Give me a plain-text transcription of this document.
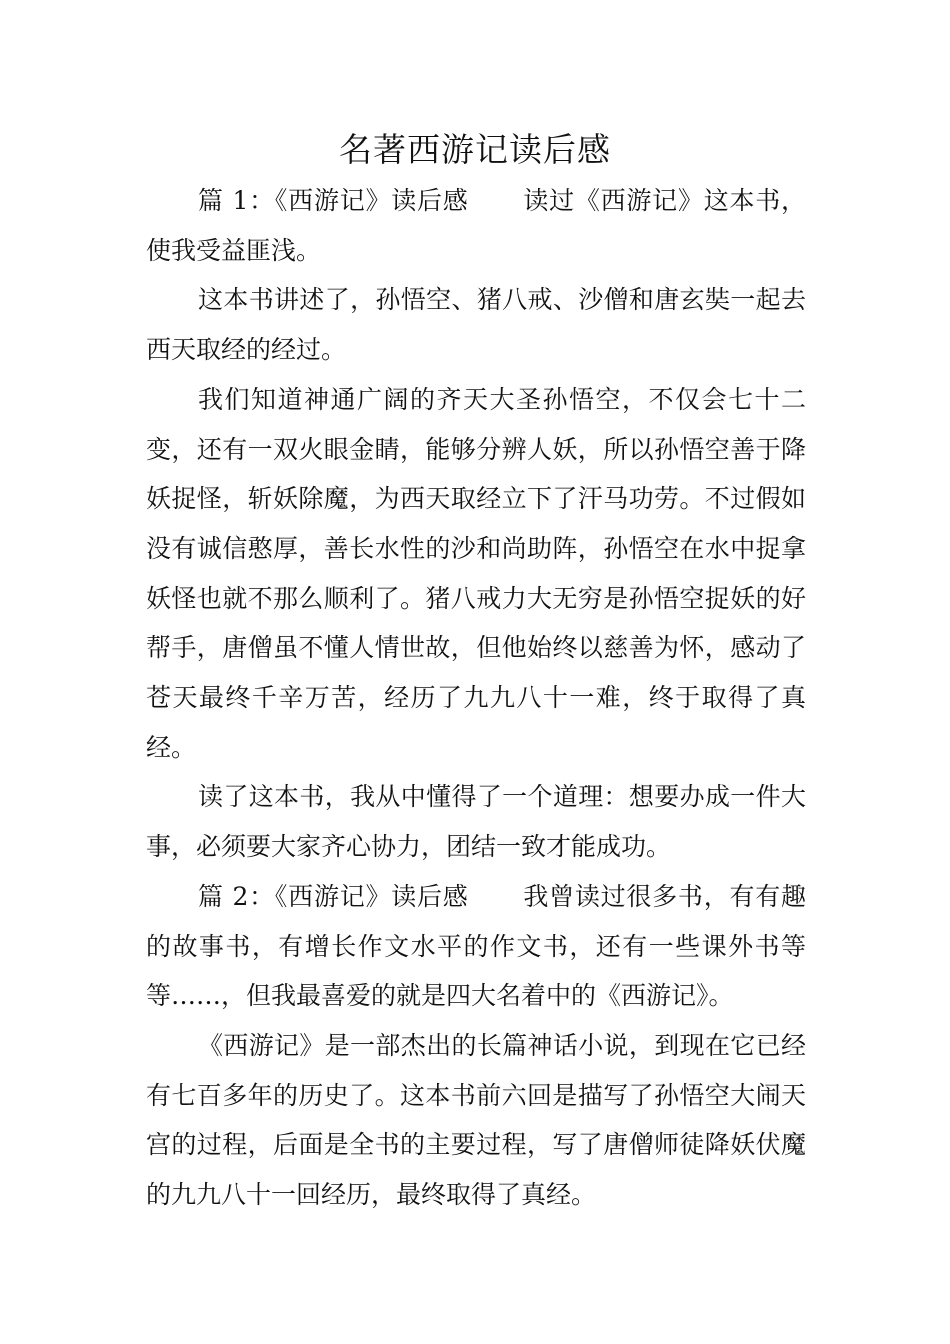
名著西游记读后感

篇 1：《西游记》读后感 读过《西游记》这本书，使我受益匪浅。

这本书讲述了，孙悟空、猪八戒、沙僧和唐玄奘一起去西天取经的经过。

我们知道神通广阔的齐天大圣孙悟空，不仅会七十二变，还有一双火眼金睛，能够分辨人妖，所以孙悟空善于降妖捉怪，斩妖除魔，为西天取经立下了汗马功劳。不过假如没有诚信憨厚，善长水性的沙和尚助阵，孙悟空在水中捉拿妖怪也就不那么顺利了。猪八戒力大无穷是孙悟空捉妖的好帮手，唐僧虽不懂人情世故，但他始终以慈善为怀，感动了苍天最终千辛万苦，经历了九九八十一难，终于取得了真经。

读了这本书，我从中懂得了一个道理：想要办成一件大事，必须要大家齐心协力，团结一致才能成功。

篇 2：《西游记》读后感 我曾读过很多书，有有趣的故事书，有增长作文水平的作文书，还有一些课外书等等……，但我最喜爱的就是四大名着中的《西游记》。

《西游记》是一部杰出的长篇神话小说，到现在它已经有七百多年的历史了。这本书前六回是描写了孙悟空大闹天宫的过程，后面是全书的主要过程，写了唐僧师徒降妖伏魔的九九八十一回经历，最终取得了真经。
